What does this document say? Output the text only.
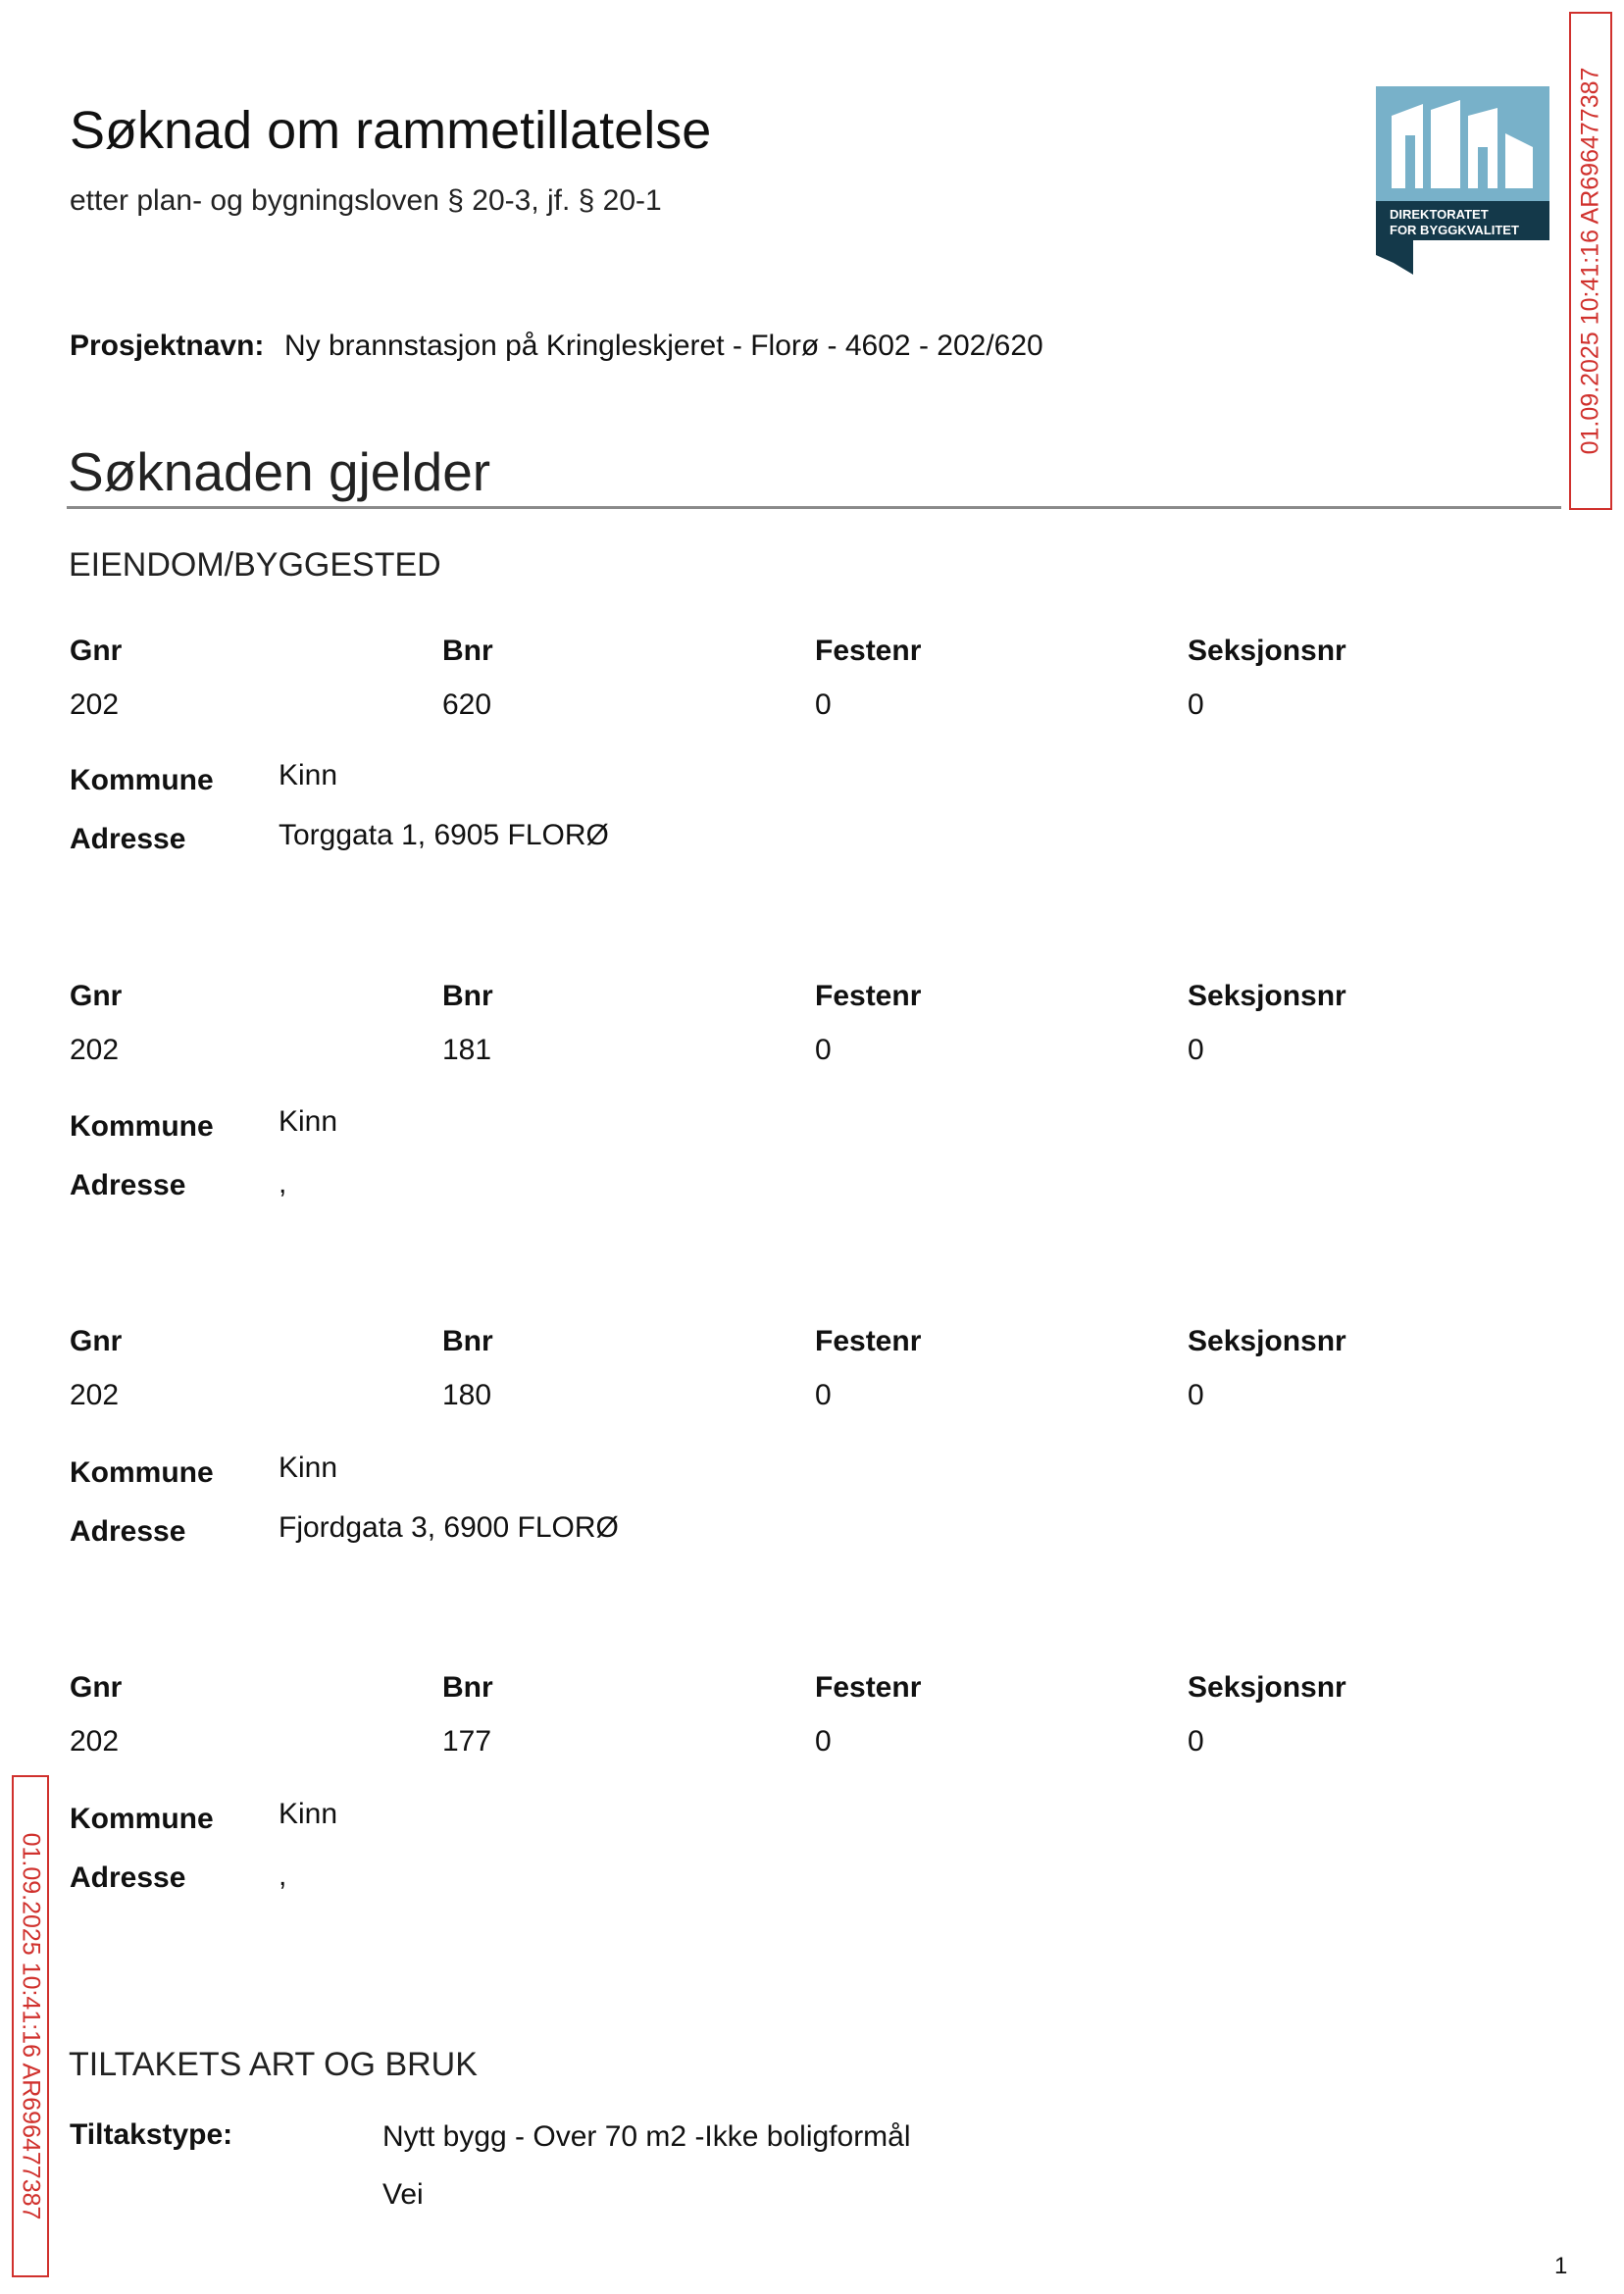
Søknad om rammetillatelse
etter plan- og bygningsloven § 20-3, jf. § 20-1	DIREKTORATET
FOR BYGGKVALITET 01.09.2025 10:41:16 AR696477387
01.09.2025 10:41:16 AR696477387
Prosjektnavn: Ny brannstasjon på Kringleskjeret - Florø - 4602 - 202/620
Søknaden gjelder
EIENDOM/BYGGESTED
Gnr	Bnr	Festenr	Seksjonsnr
202	620	0	0
Kommune Kinn
Adresse	Torggata 1, 6905 FLORØ
Gnr	Bnr	Festenr	Seksjonsnr
202	181	0	0
Kommune Kinn
Adresse	,
Gnr	Bnr	Festenr	Seksjonsnr
202	180	0	0
Kommune Kinn
Adresse	Fjordgata 3, 6900 FLORØ
Gnr	Bnr	Festenr	Seksjonsnr
202	177	0	0
Kommune Kinn
Adresse	,
TILTAKETS ART OG BRUK
Tiltakstype:	Nytt bygg - Over 70 m2 -Ikke boligformål
Vei
1
